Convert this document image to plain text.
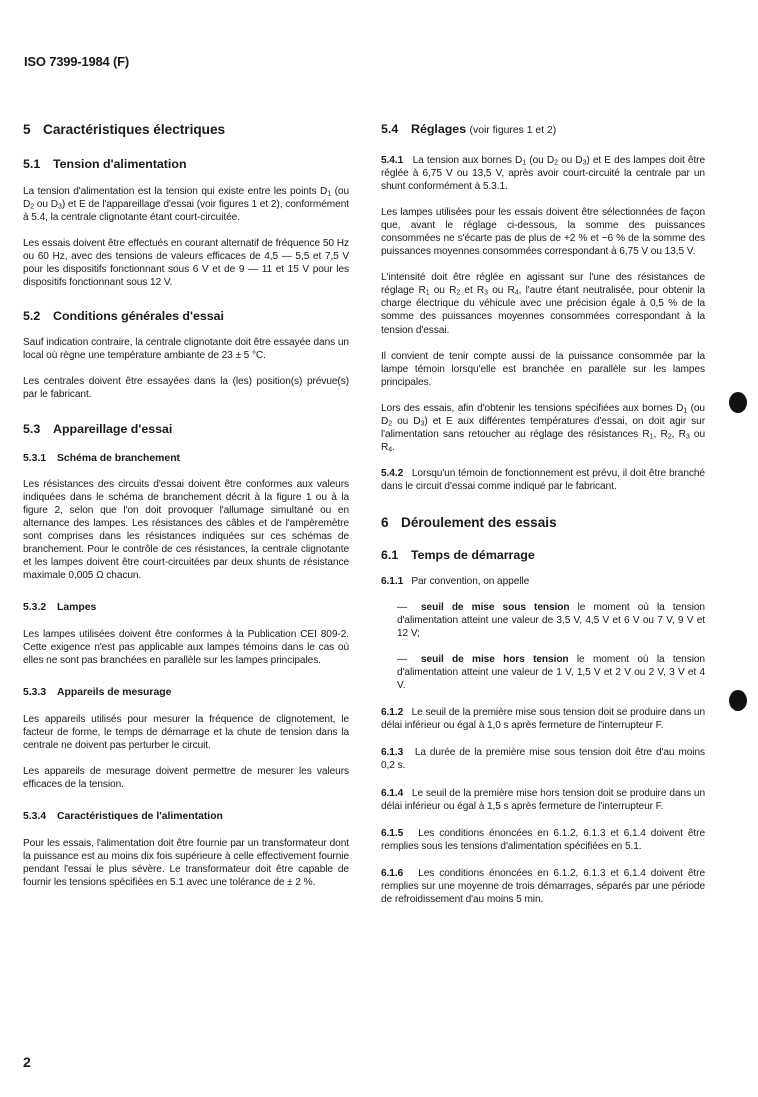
ISO 7399-1984 (F)
5 Caractéristiques électriques
5.1 Tension d'alimentation

La tension d'alimentation est la tension qui existe entre les points $D_1$ (ou $D_2$ ou $D_3$) et E de l'appareillage d'essai (voir figures 1 et 2), conformément à 5.4, la centrale clignotante étant court-circuitée.

Les essais doivent être effectués en courant alternatif de fréquence 50 Hz ou 60 Hz, avec des tensions de valeurs efficaces de 4,5 — 5,5 et 7,5 V pour les dispositifs fonctionnant sous 6 V et de 9 — 11 et 15 V pour les dispositifs fonctionnant sous 12 V.

5.2 Conditions générales d'essai

Sauf indication contraire, la centrale clignotante doit être essayée dans un local où règne une température ambiante de 23 ± 5 °C.

Les centrales doivent être essayées dans la (les) position(s) prévue(s) par le fabricant.

5.3 Appareillage d'essai
5.3.1 Schéma de branchement

Les résistances des circuits d'essai doivent être conformes aux valeurs indiquées dans le schéma de branchement décrit à la figure 1 ou à la figure 2, selon que l'on doit provoquer l'allumage simultané ou en alternance des lampes. Les résistances des câbles et de l'ampèremètre sont comprises dans les résistances indiquées sur ces schémas de branchement. Pour le contrôle de ces résistances, la centrale clignotante et les lampes doivent être court-circuitées par deux shunts de résistance maximale 0,005 Ω chacun.

5.3.2 Lampes

Les lampes utilisées doivent être conformes à la Publication CEI 809-2. Cette exigence n'est pas applicable aux lampes témoins dans le cas où elles ne sont pas branchées en parallèle sur les lampes principales.

5.3.3 Appareils de mesurage

Les appareils utilisés pour mesurer la fréquence de clignotement, le facteur de forme, le temps de démarrage et la chute de tension dans la centrale ne doivent pas perturber le circuit.

Les appareils de mesurage doivent permettre de mesurer les valeurs efficaces de la tension.

5.3.4 Caractéristiques de l'alimentation

Pour les essais, l'alimentation doit être fournie par un transformateur dont la puissance est au moins dix fois supérieure à celle effectivement fournie pendant l'essai le plus sévère. Le transformateur doit être capable de fournir les tensions spécifiées en 5.1 avec une tolérance de ± 2 %.

5.4 Réglages (voir figures 1 et 2)

5.4.1 La tension aux bornes $D_1$ (ou $D_2$ ou $D_3$) et E des lampes doit être réglée à 6,75 V ou 13,5 V, après avoir court-circuité la centrale par un shunt conformément à 5.3.1.

Les lampes utilisées pour les essais doivent être sélectionnées de façon que, avant le réglage ci-dessous, la somme des puissances consommées ne s'écarte pas de plus de +2 % et −6 % de la somme des puissances moyennes consommées correspondant à 6,75 V ou 13,5 V.

L'intensité doit être réglée en agissant sur l'une des résistances de réglage $R_1$ ou $R_2$ et $R_3$ ou $R_4$, l'autre étant neutralisée, pour obtenir la charge électrique du véhicule avec une précision égale à 0,5 % de la somme des puissances moyennes consommées correspondant à la tension d'essai.

Il convient de tenir compte aussi de la puissance consommée par la lampe témoin lorsqu'elle est branchée en parallèle sur les lampes principales.

Lors des essais, afin d'obtenir les tensions spécifiées aux bornes $D_1$ (ou $D_2$ ou $D_3$) et E aux différentes températures d'essai, on doit agir sur l'alimentation sans retoucher au réglage des résistances $R_1$, $R_2$, $R_3$ ou $R_4$.

5.4.2 Lorsqu'un témoin de fonctionnement est prévu, il doit être branché dans le circuit d'essai comme indiqué par le fabricant.

6 Déroulement des essais
6.1 Temps de démarrage

6.1.1 Par convention, on appelle

— seuil de mise sous tension le moment où la tension d'alimentation atteint une valeur de 3,5 V, 4,5 V et 6 V ou 7 V, 9 V et 12 V;

— seuil de mise hors tension le moment où la tension d'alimentation atteint une valeur de 1 V, 1,5 V et 2 V ou 2 V, 3 V et 4 V.

6.1.2 Le seuil de la première mise sous tension doit se produire dans un délai inférieur ou égal à 1,0 s après fermeture de l'interrupteur F.

6.1.3 La durée de la première mise sous tension doit être d'au moins 0,2 s.

6.1.4 Le seuil de la première mise hors tension doit se produire dans un délai inférieur ou égal à 1,5 s après fermeture de l'interrupteur F.

6.1.5 Les conditions énoncées en 6.1.2, 6.1.3 et 6.1.4 doivent être remplies sous les tensions d'alimentation spécifiées en 5.1.

6.1.6 Les conditions énoncées en 6.1.2, 6.1.3 et 6.1.4 doivent être remplies sur une moyenne de trois démarrages, séparés par une période de refroidissement d'au moins 5 min.

2
